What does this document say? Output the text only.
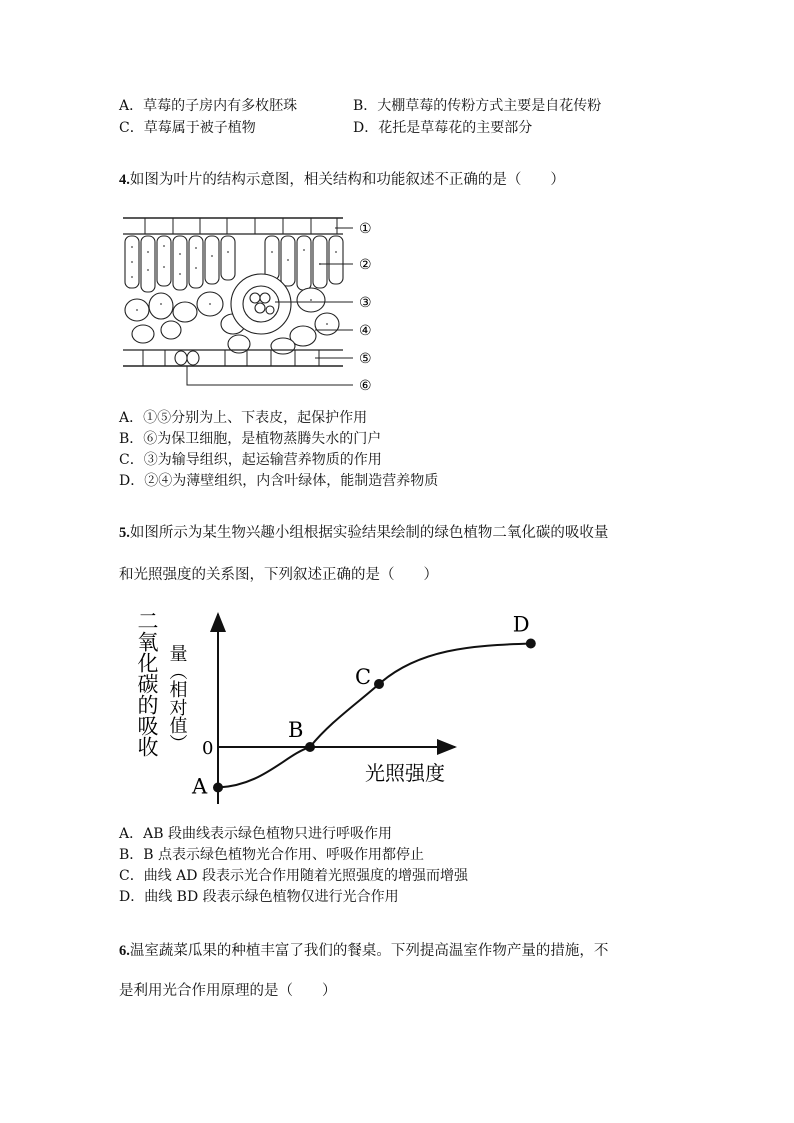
A．草莓的子房内有多枚胚珠	B．大棚草莓的传粉方式主要是自花传粉
C．草莓属于被子植物	D．花托是草莓花的主要部分
4.如图为叶片的结构示意图，相关结构和功能叙述不正确的是（　　）
①
②
③
④
⑤
⑥
A．①⑤分别为上、下表皮，起保护作用
B．⑥为保卫细胞，是植物蒸腾失水的门户
C．③为输导组织，起运输营养物质的作用
D．②④为薄壁组织，内含叶绿体，能制造营养物质
5.如图所示为某生物兴趣小组根据实验结果绘制的绿色植物二氧化碳的吸收量
和光照强度的关系图，下列叙述正确的是（　　）
二氧化碳的吸收 量（相对值） 0
光照强度
A
B
C
D
A．AB 段曲线表示绿色植物只进行呼吸作用
B．B 点表示绿色植物光合作用、呼吸作用都停止
C．曲线 AD 段表示光合作用随着光照强度的增强而增强
D．曲线 BD 段表示绿色植物仅进行光合作用
6.温室蔬菜瓜果的种植丰富了我们的餐桌。下列提高温室作物产量的措施，不
是利用光合作用原理的是（　　）
